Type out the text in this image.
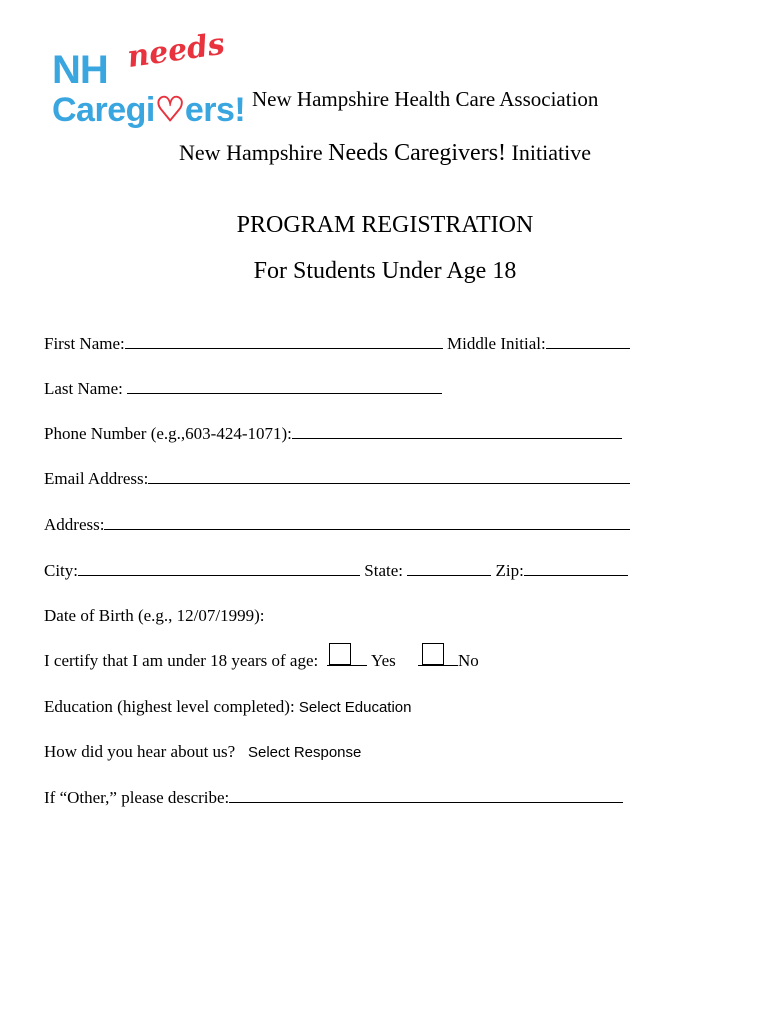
NH needs
Caregi♡ers! New Hampshire Health Care Association
New Hampshire Needs Caregivers! Initiative
PROGRAM REGISTRATION
For Students Under Age 18
First Name:	Middle Initial:
Last Name:
Phone Number (e.g.,603-424-1071):
Email Address:
Address:
City:	State:	Zip:
Date of Birth (e.g., 12/07/1999):
I certify that I am under 18 years of age:	Yes	No
Education (highest level completed): Select Education
How did you hear about us? Select Response
If “Other,” please describe:
